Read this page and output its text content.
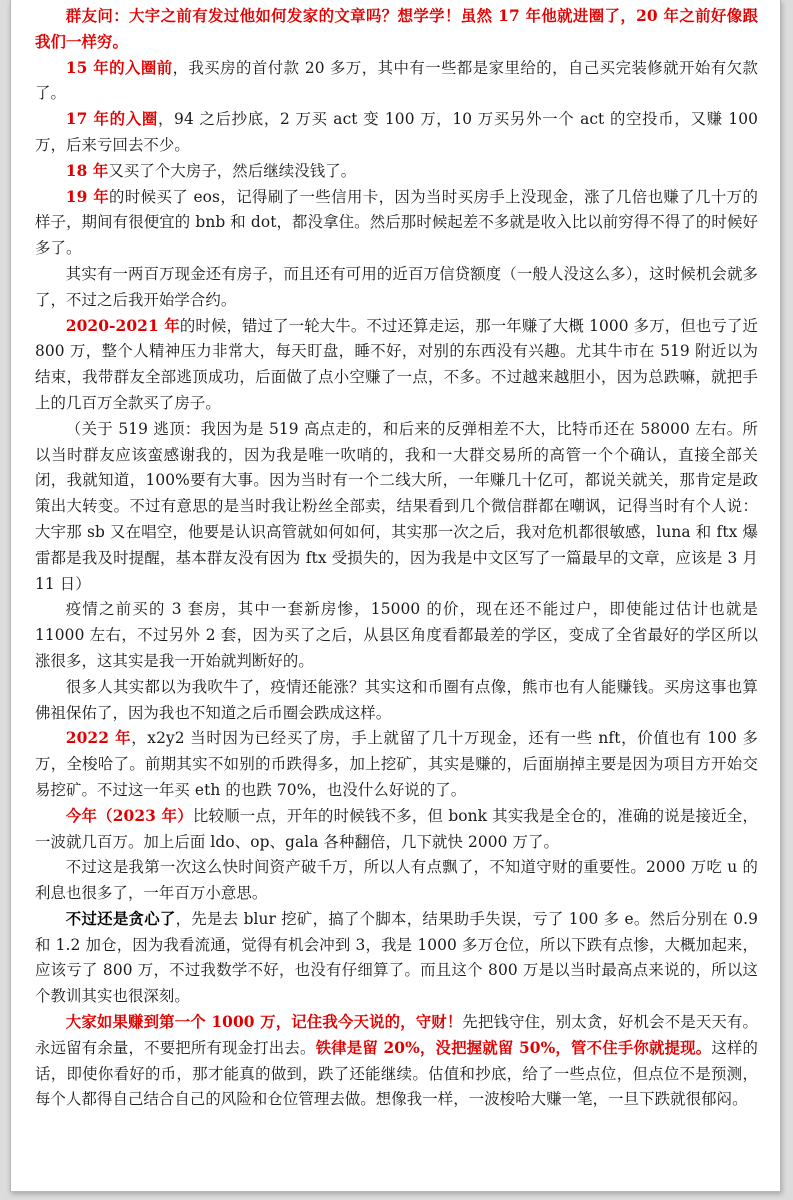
群友问：大宇之前有发过他如何发家的文章吗？想学学！虽然 17 年他就进圈了，20 年之前好像跟我们一样穷。

15 年的入圈前，我买房的首付款 20 多万，其中有一些都是家里给的，自己买完装修就开始有欠款了。

17 年的入圈，94 之后抄底，2 万买 act 变 100 万，10 万买另外一个 act 的空投币，又赚 100 万，后来亏回去不少。

18 年又买了个大房子，然后继续没钱了。

19 年的时候买了 eos，记得刷了一些信用卡，因为当时买房手上没现金，涨了几倍也赚了几十万的样子，期间有很便宜的 bnb 和 dot，都没拿住。然后那时候起差不多就是收入比以前穷得不得了的时候好多了。

其实有一两百万现金还有房子，而且还有可用的近百万信贷额度（一般人没这么多），这时候机会就多了，不过之后我开始学合约。

2020-2021 年的时候，错过了一轮大牛。不过还算走运，那一年赚了大概 1000 多万，但也亏了近 800 万，整个人精神压力非常大，每天盯盘，睡不好，对别的东西没有兴趣。尤其牛市在 519 附近以为结束，我带群友全部逃顶成功，后面做了点小空赚了一点，不多。不过越来越胆小，因为总跌嘛，就把手上的几百万全款买了房子。

（关于 519 逃顶：我因为是 519 高点走的，和后来的反弹相差不大，比特币还在 58000 左右。所以当时群友应该蛮感谢我的，因为我是唯一吹哨的，我和一大群交易所的高管一个个确认，直接全部关闭，我就知道，100%要有大事。因为当时有一个二线大所，一年赚几十亿可，都说关就关，那肯定是政策出大转变。不过有意思的是当时我让粉丝全部卖，结果看到几个微信群都在嘲讽，记得当时有个人说：大宇那 sb 又在唱空，他要是认识高管就如何如何，其实那一次之后，我对危机都很敏感，luna 和 ftx 爆雷都是我及时提醒，基本群友没有因为 ftx 受损失的，因为我是中文区写了一篇最早的文章，应该是 3 月 11 日）

疫情之前买的 3 套房，其中一套新房惨，15000 的价，现在还不能过户，即使能过估计也就是 11000 左右，不过另外 2 套，因为买了之后，从县区角度看都最差的学区，变成了全省最好的学区所以涨很多，这其实是我一开始就判断好的。

很多人其实都以为我吹牛了，疫情还能涨？其实这和币圈有点像，熊市也有人能赚钱。买房这事也算佛祖保佑了，因为我也不知道之后币圈会跌成这样。

2022 年，x2y2 当时因为已经买了房，手上就留了几十万现金，还有一些 nft，价值也有 100 多万，全梭哈了。前期其实不如别的币跌得多，加上挖矿，其实是赚的，后面崩掉主要是因为项目方开始交易挖矿。不过这一年买 eth 的也跌 70%，也没什么好说的了。

今年（2023 年）比较顺一点，开年的时候钱不多，但 bonk 其实我是全仓的，准确的说是接近全，一波就几百万。加上后面 ldo、op、gala 各种翻倍，几下就快 2000 万了。

不过这是我第一次这么快时间资产破千万，所以人有点飘了，不知道守财的重要性。2000 万吃 u 的利息也很多了，一年百万小意思。

不过还是贪心了，先是去 blur 挖矿，搞了个脚本，结果助手失误，亏了 100 多 e。然后分别在 0.9 和 1.2 加仓，因为我看流通，觉得有机会冲到 3，我是 1000 多万仓位，所以下跌有点惨，大概加起来，应该亏了 800 万，不过我数学不好，也没有仔细算了。而且这个 800 万是以当时最高点来说的，所以这个教训其实也很深刻。

大家如果赚到第一个 1000 万，记住我今天说的，守财！先把钱守住，别太贪，好机会不是天天有。永远留有余量，不要把所有现金打出去。铁律是留 20%，没把握就留 50%，管不住手你就提现。这样的话，即使你看好的币，那才能真的做到，跌了还能继续。估值和抄底，给了一些点位，但点位不是预测，每个人都得自己结合自己的风险和仓位管理去做。想像我一样，一波梭哈大赚一笔，一旦下跌就很郁闷。
